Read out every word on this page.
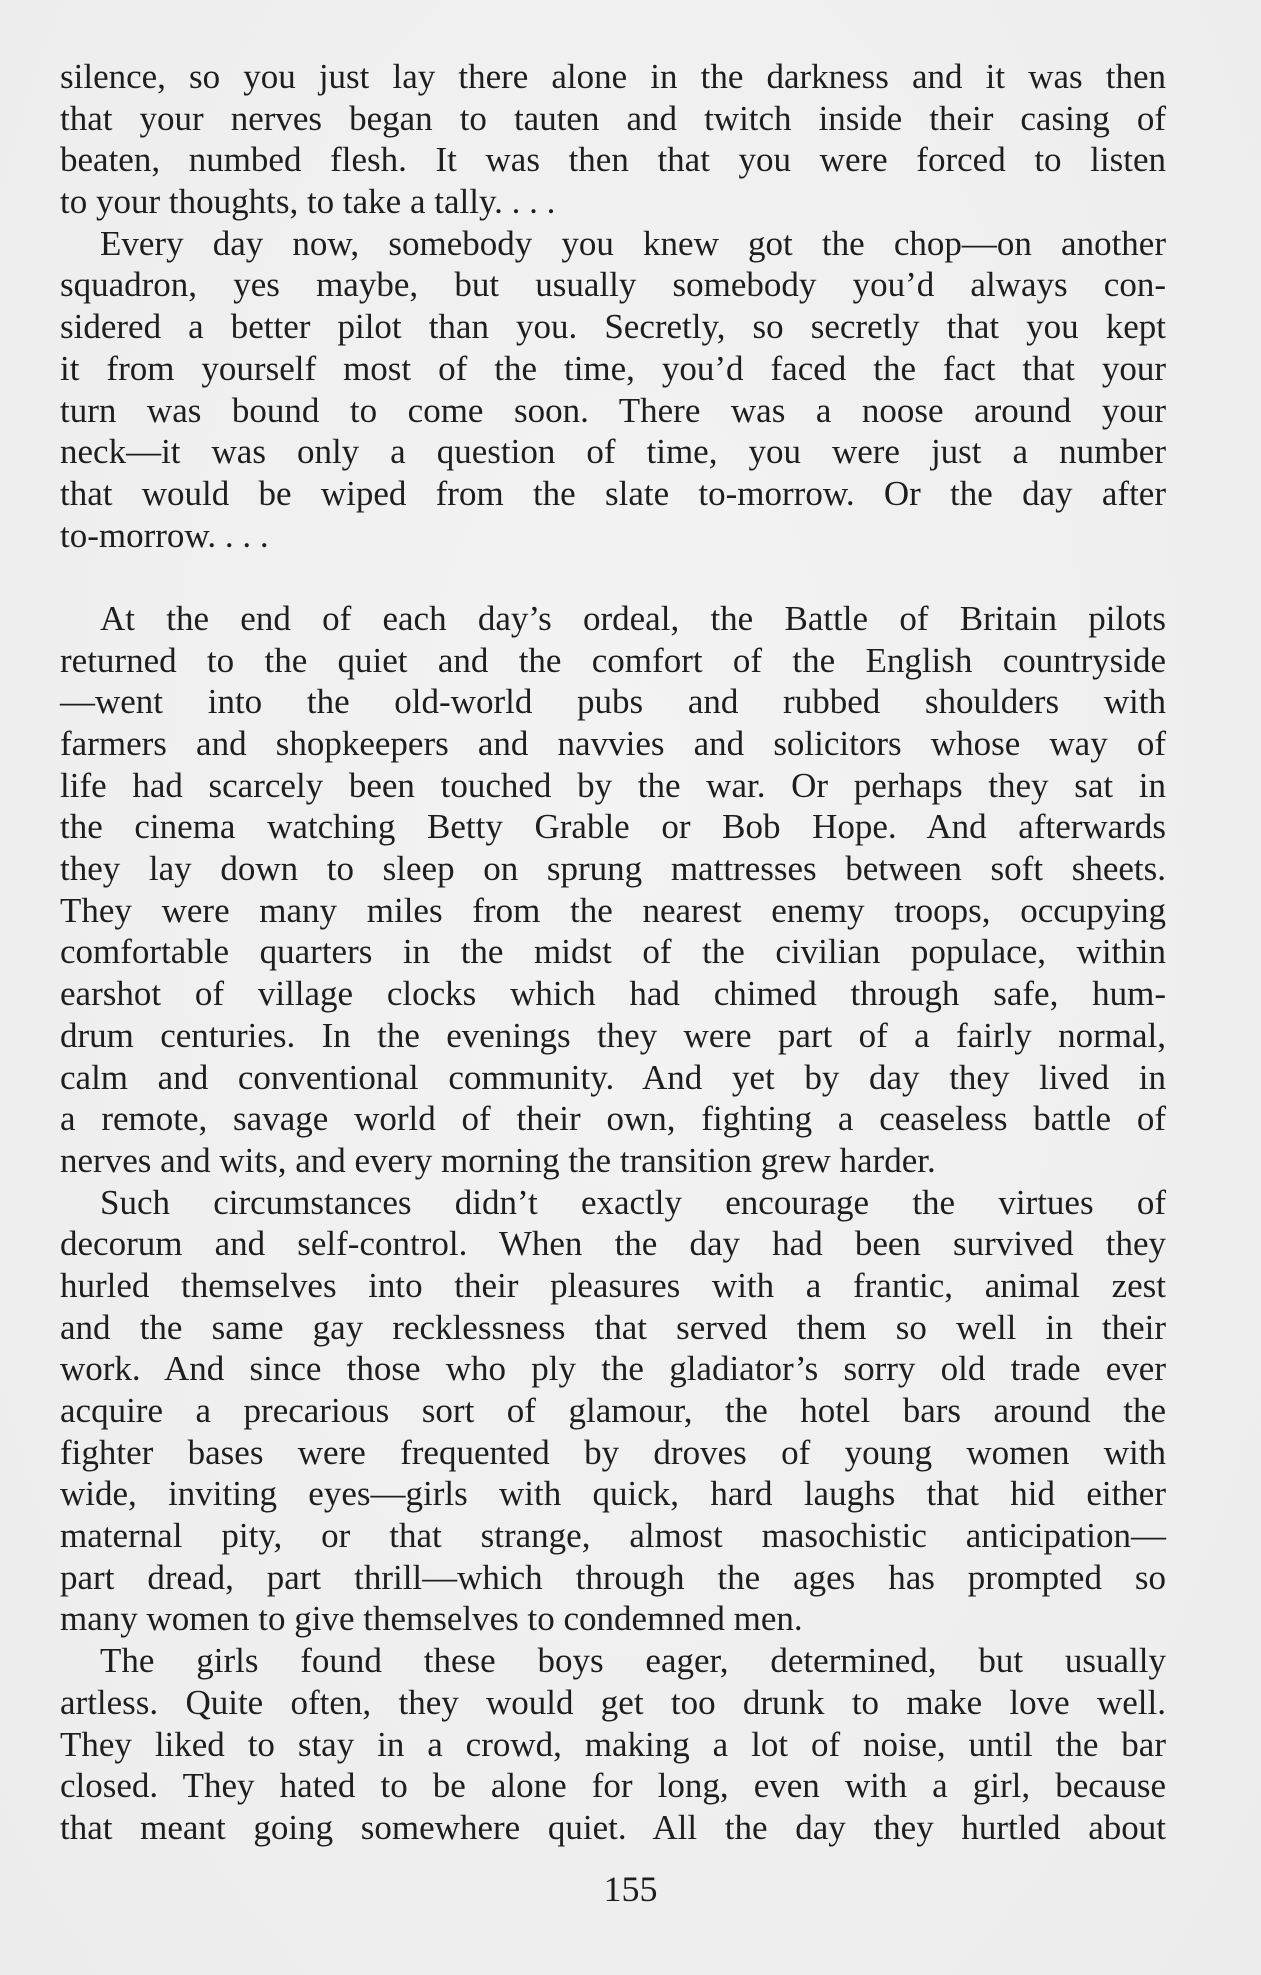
silence, so you just lay there alone in the darkness and it was then
that your nerves began to tauten and twitch inside their casing of
beaten, numbed flesh. It was then that you were forced to listen
to your thoughts, to take a tally. . . .
Every day now, somebody you knew got the chop—on another
squadron, yes maybe, but usually somebody you’d always con-
sidered a better pilot than you. Secretly, so secretly that you kept
it from yourself most of the time, you’d faced the fact that your
turn was bound to come soon. There was a noose around your
neck—it was only a question of time, you were just a number
that would be wiped from the slate to-morrow. Or the day after
to-morrow. . . .
At the end of each day’s ordeal, the Battle of Britain pilots
returned to the quiet and the comfort of the English countryside
—went into the old-world pubs and rubbed shoulders with
farmers and shopkeepers and navvies and solicitors whose way of
life had scarcely been touched by the war. Or perhaps they sat in
the cinema watching Betty Grable or Bob Hope. And afterwards
they lay down to sleep on sprung mattresses between soft sheets.
They were many miles from the nearest enemy troops, occupying
comfortable quarters in the midst of the civilian populace, within
earshot of village clocks which had chimed through safe, hum-
drum centuries. In the evenings they were part of a fairly normal,
calm and conventional community. And yet by day they lived in
a remote, savage world of their own, fighting a ceaseless battle of
nerves and wits, and every morning the transition grew harder.
Such circumstances didn’t exactly encourage the virtues of
decorum and self-control. When the day had been survived they
hurled themselves into their pleasures with a frantic, animal zest
and the same gay recklessness that served them so well in their
work. And since those who ply the gladiator’s sorry old trade ever
acquire a precarious sort of glamour, the hotel bars around the
fighter bases were frequented by droves of young women with
wide, inviting eyes—girls with quick, hard laughs that hid either
maternal pity, or that strange, almost masochistic anticipation—
part dread, part thrill—which through the ages has prompted so
many women to give themselves to condemned men.
The girls found these boys eager, determined, but usually
artless. Quite often, they would get too drunk to make love well.
They liked to stay in a crowd, making a lot of noise, until the bar
closed. They hated to be alone for long, even with a girl, because
that meant going somewhere quiet. All the day they hurtled about
155
